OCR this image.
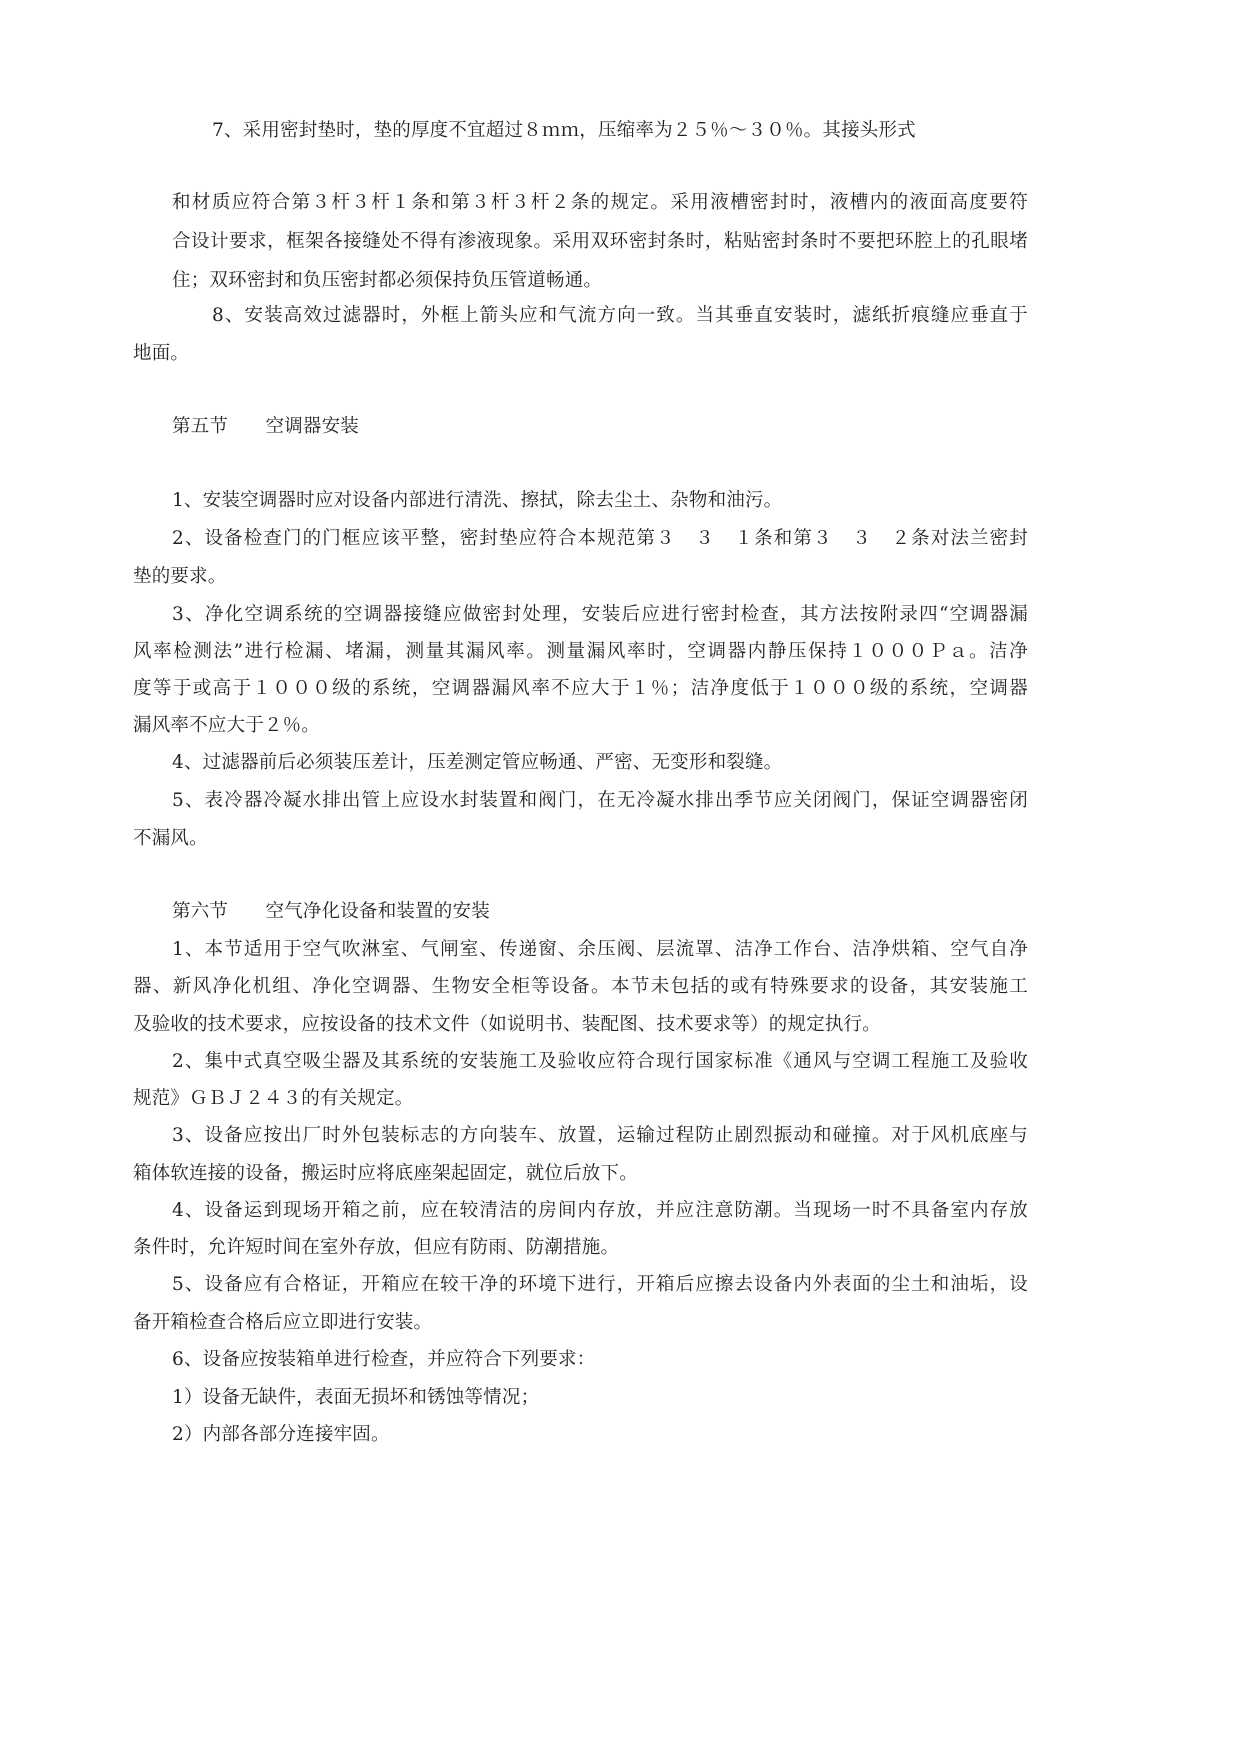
7、采用密封垫时，垫的厚度不宜超过８ｍｍ，压缩率为２５％～３０％。其接头形式
和材质应符合第３杆３杆１条和第３杆３杆２条的规定。采用液槽密封时，液槽内的液面高度要符
合设计要求，框架各接缝处不得有渗液现象。采用双环密封条时，粘贴密封条时不要把环腔上的孔眼堵
住；双环密封和负压密封都必须保持负压管道畅通。
8、安装高效过滤器时，外框上箭头应和气流方向一致。当其垂直安装时，滤纸折痕缝应垂直于
地面。
第五节　　空调器安装
1、安装空调器时应对设备内部进行清洗、擦拭，除去尘土、杂物和油污。
2、设备检查门的门框应该平整，密封垫应符合本规范第３　３　１条和第３　３　２条对法兰密封
垫的要求。
3、净化空调系统的空调器接缝应做密封处理，安装后应进行密封检查，其方法按附录四“空调器漏
风率检测法”进行检漏、堵漏，测量其漏风率。测量漏风率时，空调器内静压保持１０００Ｐａ。洁净
度等于或高于１０００级的系统，空调器漏风率不应大于１％；洁净度低于１０００级的系统，空调器
漏风率不应大于２％。
4、过滤器前后必须装压差计，压差测定管应畅通、严密、无变形和裂缝。
5、表冷器冷凝水排出管上应设水封装置和阀门，在无冷凝水排出季节应关闭阀门，保证空调器密闭
不漏风。
第六节　　空气净化设备和装置的安装
1、本节适用于空气吹淋室、气闸室、传递窗、余压阀、层流罩、洁净工作台、洁净烘箱、空气自净
器、新风净化机组、净化空调器、生物安全柜等设备。本节未包括的或有特殊要求的设备，其安装施工
及验收的技术要求，应按设备的技术文件（如说明书、装配图、技术要求等）的规定执行。
2、集中式真空吸尘器及其系统的安装施工及验收应符合现行国家标准《通风与空调工程施工及验收
规范》ＧＢＪ２４３的有关规定。
3、设备应按出厂时外包装标志的方向装车、放置，运输过程防止剧烈振动和碰撞。对于风机底座与
箱体软连接的设备，搬运时应将底座架起固定，就位后放下。
4、设备运到现场开箱之前，应在较清洁的房间内存放，并应注意防潮。当现场一时不具备室内存放
条件时，允许短时间在室外存放，但应有防雨、防潮措施。
5、设备应有合格证，开箱应在较干净的环境下进行，开箱后应擦去设备内外表面的尘土和油垢，设
备开箱检查合格后应立即进行安装。
6、设备应按装箱单进行检查，并应符合下列要求：
1）设备无缺件，表面无损坏和锈蚀等情况；
2）内部各部分连接牢固。
